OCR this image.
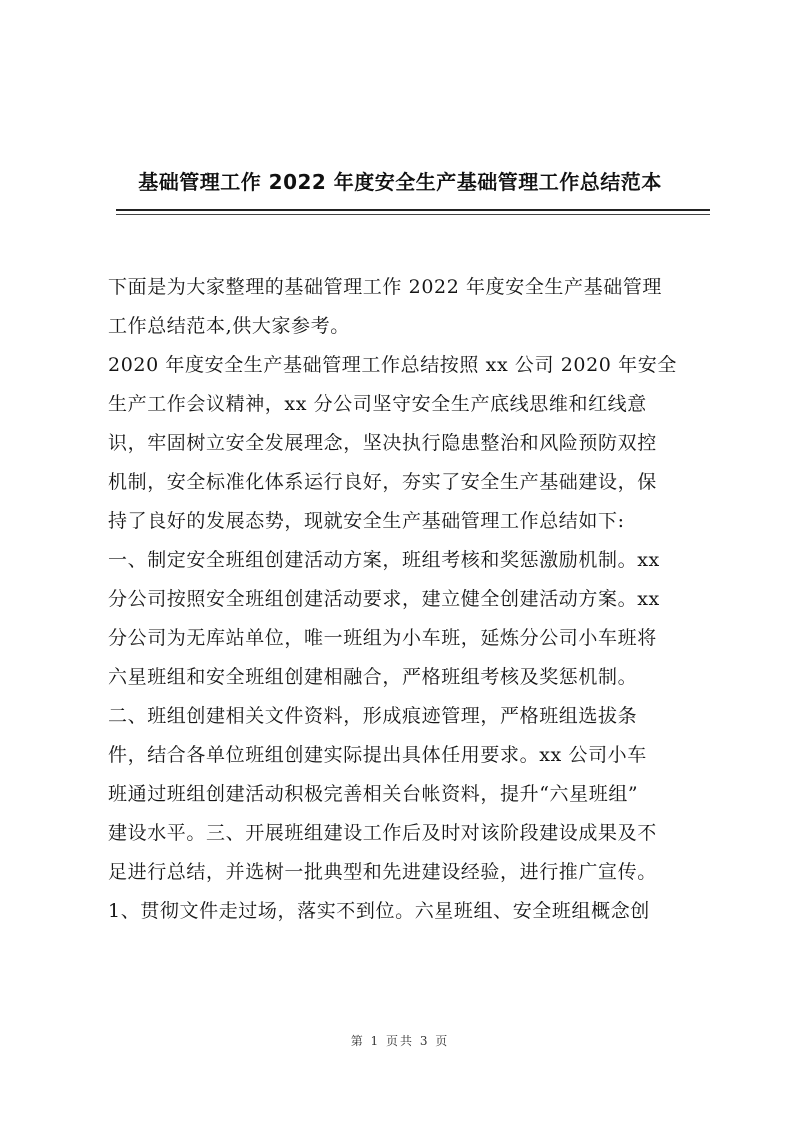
基础管理工作 2022 年度安全生产基础管理工作总结范本
下面是为大家整理的基础管理工作 2022 年度安全生产基础管理
工作总结范本,供大家参考。
2020 年度安全生产基础管理工作总结按照 xx 公司 2020 年安全
生产工作会议精神，xx 分公司坚守安全生产底线思维和红线意
识，牢固树立安全发展理念，坚决执行隐患整治和风险预防双控
机制，安全标准化体系运行良好，夯实了安全生产基础建设，保
持了良好的发展态势，现就安全生产基础管理工作总结如下:
一、制定安全班组创建活动方案，班组考核和奖惩激励机制。xx
分公司按照安全班组创建活动要求，建立健全创建活动方案。xx
分公司为无库站单位，唯一班组为小车班，延炼分公司小车班将
六星班组和安全班组创建相融合，严格班组考核及奖惩机制。
二、班组创建相关文件资料，形成痕迹管理，严格班组选拔条
件，结合各单位班组创建实际提出具体任用要求。xx 公司小车
班通过班组创建活动积极完善相关台帐资料，提升“六星班组”
建设水平。三、开展班组建设工作后及时对该阶段建设成果及不
足进行总结，并选树一批典型和先进建设经验，进行推广宣传。
1、贯彻文件走过场，落实不到位。六星班组、安全班组概念创
第 1 页共 3 页
